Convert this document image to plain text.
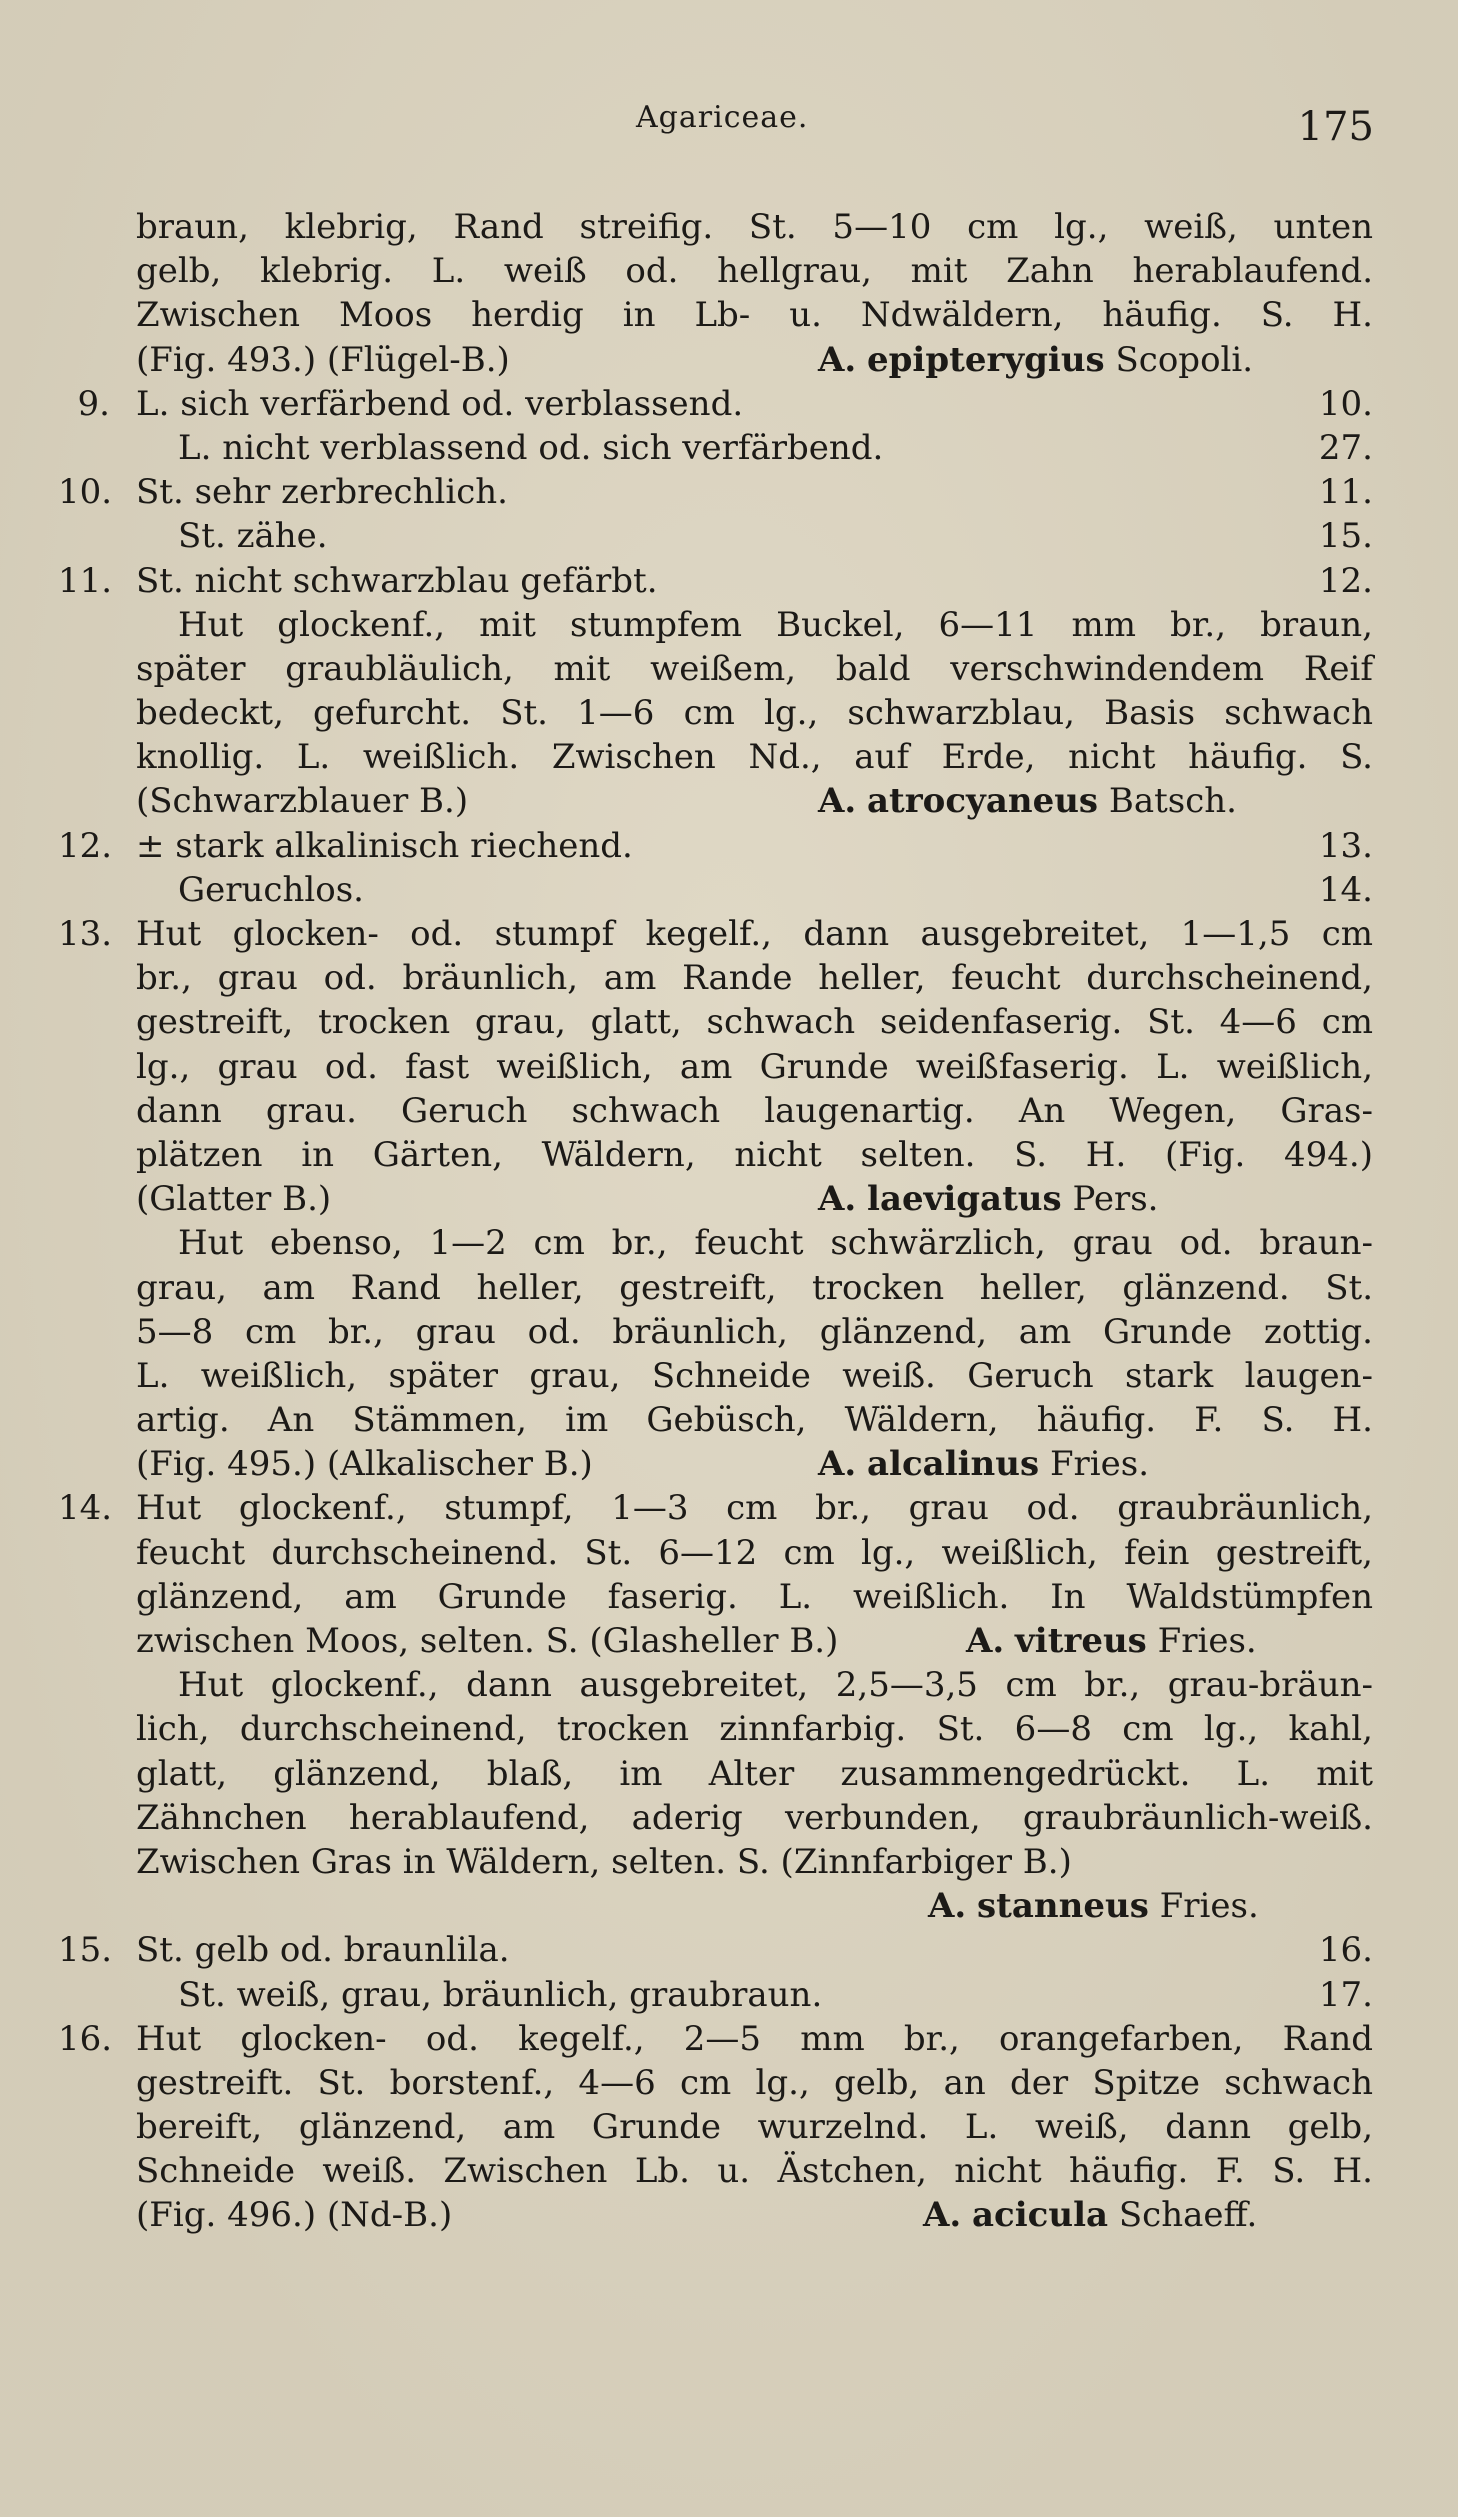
Agariceae.	175
braun, klebrig, Rand streifig. St. 5—10 cm lg., weiß, unten
gelb, klebrig. L. weiß od. hellgrau, mit Zahn herablaufend.
Zwischen Moos herdig in Lb- u. Ndwäldern, häufig. S. H.
(Fig. 493.) (Flügel-B.)	A. epipterygius Scopoli.
9. L. sich verfärbend od. verblassend.	10.
L. nicht verblassend od. sich verfärbend.	27.
10. St. sehr zerbrechlich.	11.
St. zähe.	15.
11. St. nicht schwarzblau gefärbt.	12.
Hut glockenf., mit stumpfem Buckel, 6—11 mm br., braun,
später graubläulich, mit weißem, bald verschwindendem Reif
bedeckt, gefurcht. St. 1—6 cm lg., schwarzblau, Basis schwach
knollig. L. weißlich. Zwischen Nd., auf Erde, nicht häufig. S.
(Schwarzblauer B.)	A. atrocyaneus Batsch.
12. ± stark alkalinisch riechend.	13.
Geruchlos.	14.
13. Hut glocken- od. stumpf kegelf., dann ausgebreitet, 1—1,5 cm
br., grau od. bräunlich, am Rande heller, feucht durchscheinend,
gestreift, trocken grau, glatt, schwach seidenfaserig. St. 4—6 cm
lg., grau od. fast weißlich, am Grunde weißfaserig. L. weißlich,
dann grau. Geruch schwach laugenartig. An Wegen, Gras-
plätzen in Gärten, Wäldern, nicht selten. S. H. (Fig. 494.)
(Glatter B.)	A. laevigatus Pers.
Hut ebenso, 1—2 cm br., feucht schwärzlich, grau od. braun-
grau, am Rand heller, gestreift, trocken heller, glänzend. St.
5—8 cm br., grau od. bräunlich, glänzend, am Grunde zottig.
L. weißlich, später grau, Schneide weiß. Geruch stark laugen-
artig. An Stämmen, im Gebüsch, Wäldern, häufig. F. S. H.
(Fig. 495.) (Alkalischer B.)	A. alcalinus Fries.
14. Hut glockenf., stumpf, 1—3 cm br., grau od. graubräunlich,
feucht durchscheinend. St. 6—12 cm lg., weißlich, fein gestreift,
glänzend, am Grunde faserig. L. weißlich. In Waldstümpfen
zwischen Moos, selten. S. (Glasheller B.)	A. vitreus Fries.
Hut glockenf., dann ausgebreitet, 2,5—3,5 cm br., grau-bräun-
lich, durchscheinend, trocken zinnfarbig. St. 6—8 cm lg., kahl,
glatt, glänzend, blaß, im Alter zusammengedrückt. L. mit
Zähnchen herablaufend, aderig verbunden, graubräunlich-weiß.
Zwischen Gras in Wäldern, selten. S. (Zinnfarbiger B.)
A. stanneus Fries.
15. St. gelb od. braunlila.	16.
St. weiß, grau, bräunlich, graubraun.	17.
16. Hut glocken- od. kegelf., 2—5 mm br., orangefarben, Rand
gestreift. St. borstenf., 4—6 cm lg., gelb, an der Spitze schwach
bereift, glänzend, am Grunde wurzelnd. L. weiß, dann gelb,
Schneide weiß. Zwischen Lb. u. Ästchen, nicht häufig. F. S. H.
(Fig. 496.) (Nd-B.)	A. acicula Schaeff.
